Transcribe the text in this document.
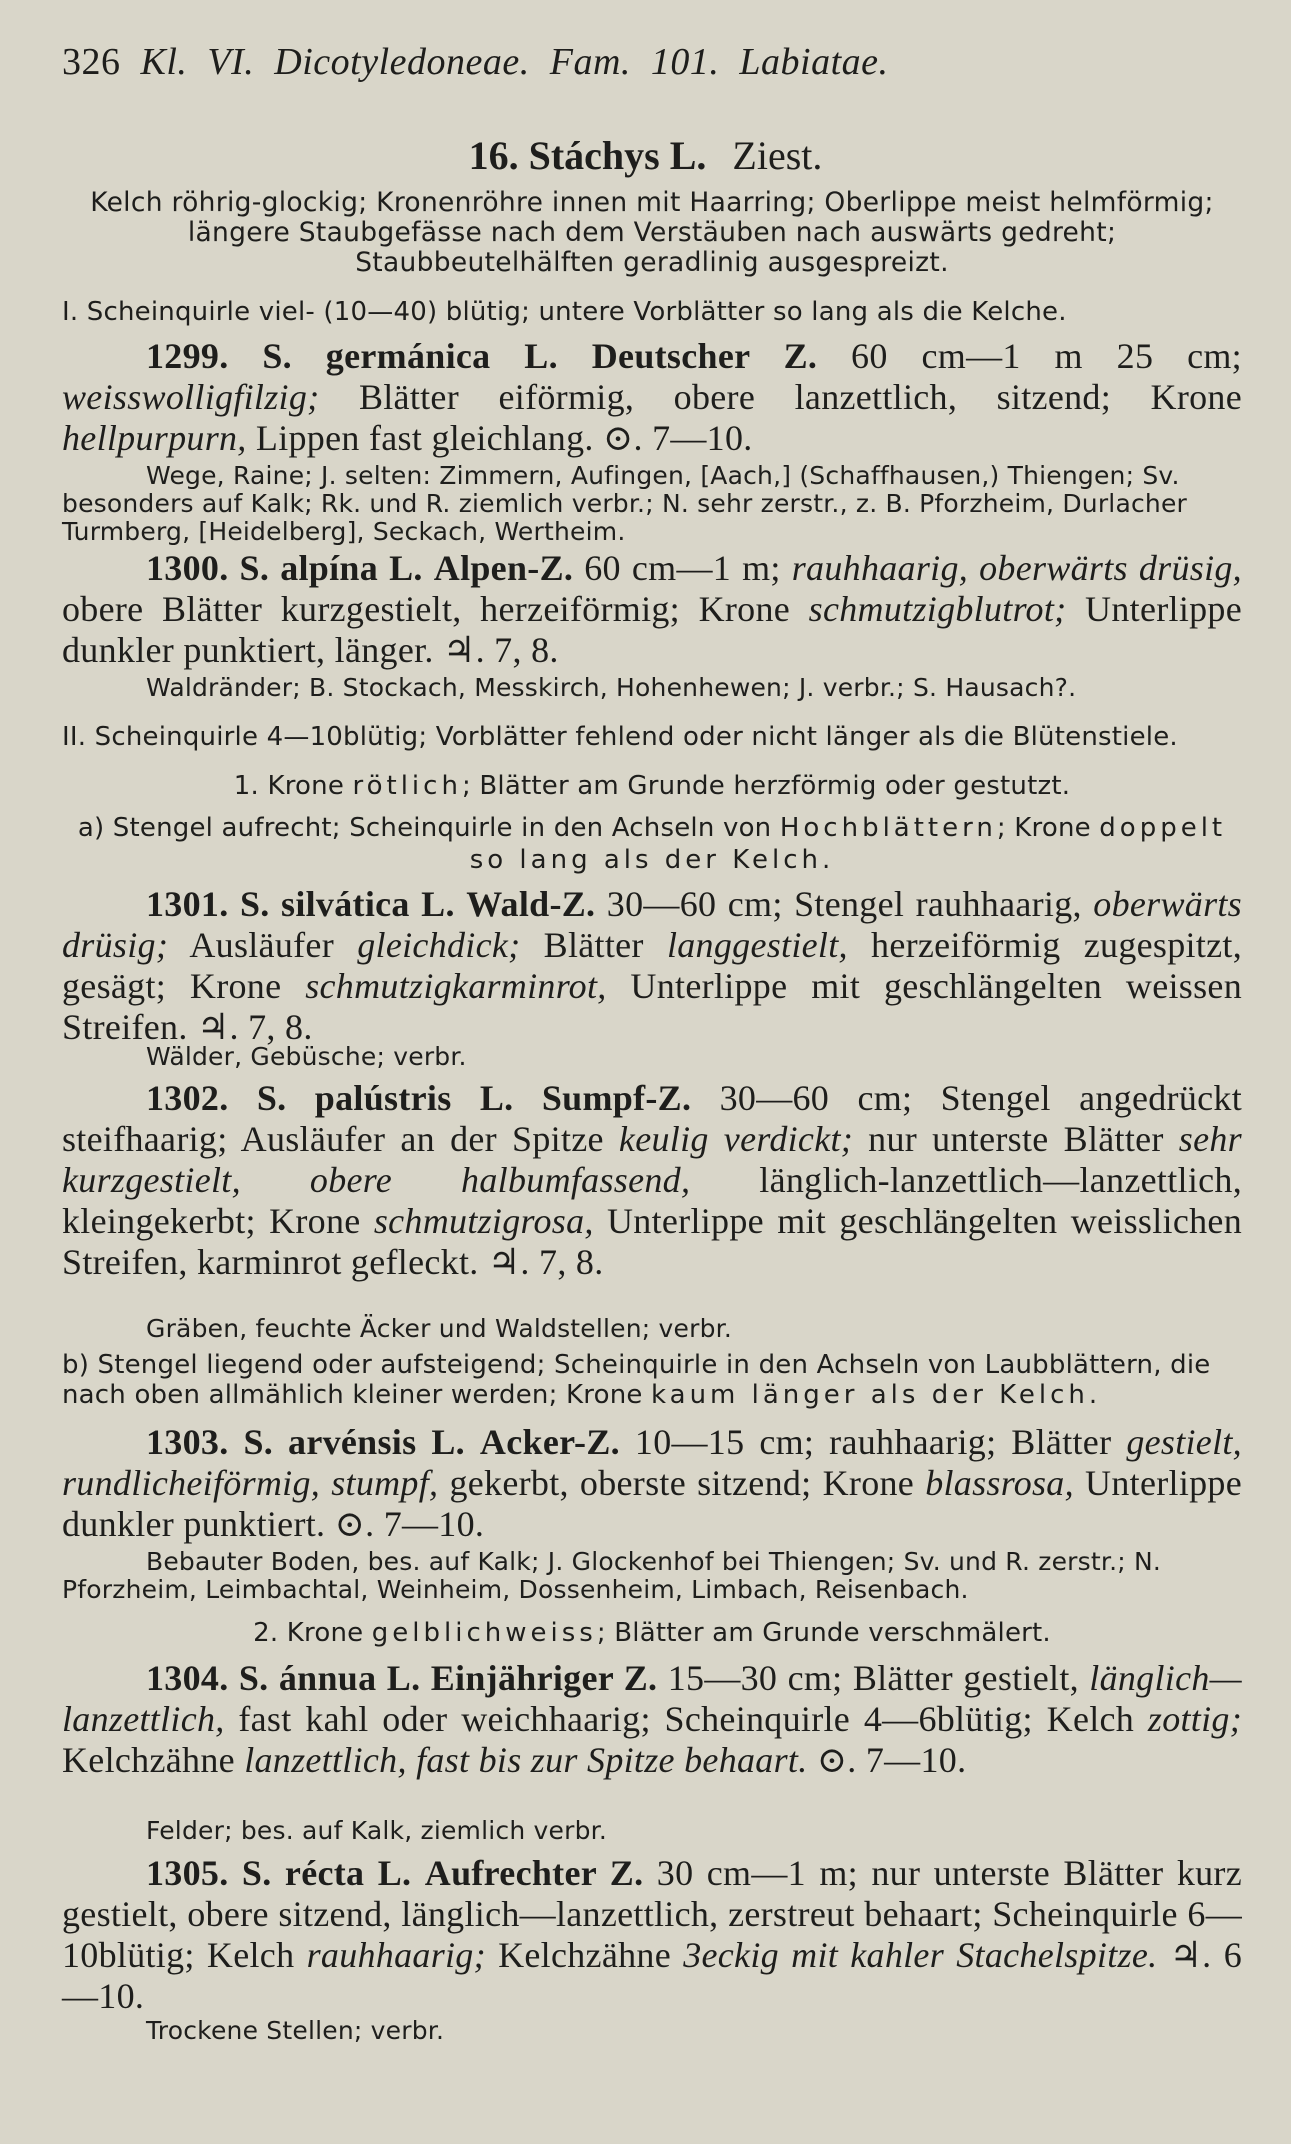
326 Kl. VI. Dicotyledoneae. Fam. 101. Labiatae.
16. Stáchys L. Ziest.
Kelch röhrig-glockig; Kronenröhre innen mit Haarring; Oberlippe meist helmförmig; längere Staubgefässe nach dem Verstäuben nach auswärts gedreht; Staubbeutelhälften geradlinig ausgespreizt.
I. Scheinquirle viel- (10—40) blütig; untere Vorblätter so lang als die Kelche.
1299. S. germánica L. Deutscher Z. 60 cm—1 m 25 cm; weisswolligfilzig; Blätter eiförmig, obere lanzettlich, sitzend; Krone hellpurpurn, Lippen fast gleichlang. ⊙. 7—10.
Wege, Raine; J. selten: Zimmern, Aufingen, [Aach,] (Schaffhausen,) Thiengen; Sv. besonders auf Kalk; Rk. und R. ziemlich verbr.; N. sehr zerstr., z. B. Pforzheim, Durlacher Turmberg, [Heidelberg], Seckach, Wertheim.
1300. S. alpína L. Alpen-Z. 60 cm—1 m; rauhhaarig, oberwärts drüsig, obere Blätter kurzgestielt, herzeiförmig; Krone schmutzigblutrot; Unterlippe dunkler punktiert, länger. ♃. 7, 8.
Waldränder; B. Stockach, Messkirch, Hohenhewen; J. verbr.; S. Hausach?.
II. Scheinquirle 4—10blütig; Vorblätter fehlend oder nicht länger als die Blütenstiele.
1. Krone rötlich; Blätter am Grunde herzförmig oder gestutzt.
a) Stengel aufrecht; Scheinquirle in den Achseln von Hochblättern; Krone doppelt so lang als der Kelch.
1301. S. silvática L. Wald-Z. 30—60 cm; Stengel rauhhaarig, oberwärts drüsig; Ausläufer gleichdick; Blätter langgestielt, herzeiförmig zugespitzt, gesägt; Krone schmutzigkarminrot, Unterlippe mit geschlängelten weissen Streifen. ♃. 7, 8.
Wälder, Gebüsche; verbr.
1302. S. palústris L. Sumpf-Z. 30—60 cm; Stengel angedrückt steifhaarig; Ausläufer an der Spitze keulig verdickt; nur unterste Blätter sehr kurzgestielt, obere halbumfassend, länglich-lanzettlich—lanzettlich, kleingekerbt; Krone schmutzigrosa, Unterlippe mit geschlängelten weisslichen Streifen, karminrot gefleckt. ♃. 7, 8.
Gräben, feuchte Äcker und Waldstellen; verbr.
b) Stengel liegend oder aufsteigend; Scheinquirle in den Achseln von Laubblättern, die nach oben allmählich kleiner werden; Krone kaum länger als der Kelch.
1303. S. arvénsis L. Acker-Z. 10—15 cm; rauhhaarig; Blätter gestielt, rundlicheiförmig, stumpf, gekerbt, oberste sitzend; Krone blassrosa, Unterlippe dunkler punktiert. ⊙. 7—10.
Bebauter Boden, bes. auf Kalk; J. Glockenhof bei Thiengen; Sv. und R. zerstr.; N. Pforzheim, Leimbachtal, Weinheim, Dossenheim, Limbach, Reisenbach.
2. Krone gelblichweiss; Blätter am Grunde verschmälert.
1304. S. ánnua L. Einjähriger Z. 15—30 cm; Blätter gestielt, länglich—lanzettlich, fast kahl oder weichhaarig; Scheinquirle 4—6blütig; Kelch zottig; Kelchzähne lanzettlich, fast bis zur Spitze behaart. ⊙. 7—10.
Felder; bes. auf Kalk, ziemlich verbr.
1305. S. récta L. Aufrechter Z. 30 cm—1 m; nur unterste Blätter kurz gestielt, obere sitzend, länglich—lanzettlich, zerstreut behaart; Scheinquirle 6—10blütig; Kelch rauhhaarig; Kelchzähne 3eckig mit kahler Stachelspitze. ♃. 6—10.
Trockene Stellen; verbr.
